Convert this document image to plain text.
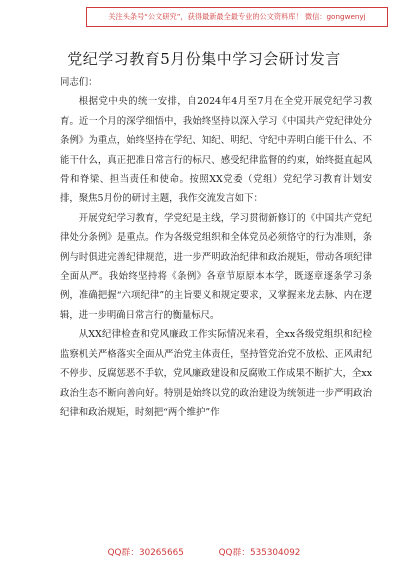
关注头条号“公文研究”，获得最新最全最专业的公文资料库！ 微信：gongwenyj
党纪学习教育5月份集中学习会研讨发言

同志们：

根据党中央的统一安排，自2024年4月至7月在全党开展党纪学习教育。近一个月的深学细悟中，我始终坚持以深入学习《中国共产党纪律处分条例》为重点，始终坚持在学纪、知纪、明纪、守纪中弄明白能干什么、不能干什么，真正把准日常言行的标尺、感受纪律监督的约束，始终挺直起风骨和脊梁、担当责任和使命。按照XX党委（党组）党纪学习教育计划安排，聚焦5月份的研讨主题，我作交流发言如下：

开展党纪学习教育，学党纪是主线，学习贯彻新修订的《中国共产党纪律处分条例》是重点。作为各级党组织和全体党员必须恪守的行为准则，条例与时俱进完善纪律规范，进一步严明政治纪律和政治规矩，带动各项纪律全面从严。我始终坚持将《条例》各章节原原本本学，既逐章逐条学习条例，准确把握“六项纪律”的主旨要义和规定要求，又掌握来龙去脉、内在逻辑，进一步明确日常言行的衡量标尺。

从XX纪律检查和党风廉政工作实际情况来看，全xx各级党组织和纪检监察机关严格落实全面从严治党主体责任，坚持管党治党不放松、正风肃纪不停步、反腐惩恶不手软，党风廉政建设和反腐败工作成果不断扩大，全xx政治生态不断向善向好。特别是始终以党的政治建设为统领进一步严明政治纪律和政治规矩，时刻把“两个维护”作

QQ群：30265665	QQ群：535304092
